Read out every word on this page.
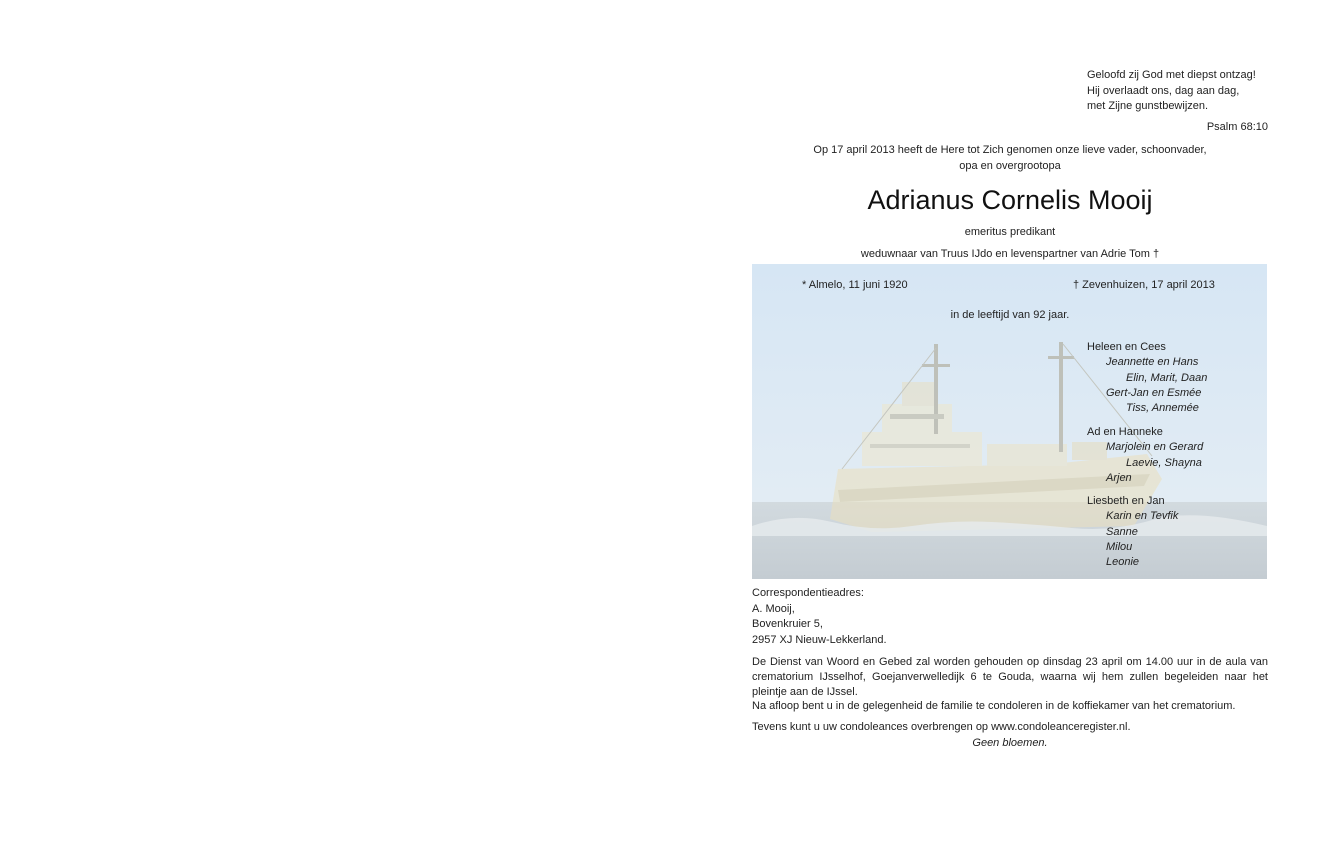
Geloofd zij God met diepst ontzag!
Hij overlaadt ons, dag aan dag,
met Zijne gunstbewijzen.
Psalm 68:10
Op 17 april 2013 heeft de Here tot Zich genomen onze lieve vader, schoonvader,
opa en overgrootopa
Adrianus Cornelis Mooij
emeritus predikant
weduwnaar van Truus IJdo en levenspartner van Adrie Tom †
* Almelo, 11 juni 1920	† Zevenhuizen, 17 april 2013
in de leeftijd van 92 jaar.
Heleen en Cees
Jeannette en Hans
Elin, Marit, Daan
Gert-Jan en Esmée
Tiss, Annemée
Ad en Hanneke
Marjolein en Gerard
Laevie, Shayna
Arjen
Liesbeth en Jan
Karin en Tevfik
Sanne
Milou
Leonie
Correspondentieadres:
A. Mooij,
Bovenkruier 5,
2957 XJ Nieuw-Lekkerland.

De Dienst van Woord en Gebed zal worden gehouden op dinsdag 23 april om 14.00 uur in de aula van crematorium IJsselhof, Goejanverwelledijk 6 te Gouda, waarna wij hem zullen begeleiden naar het pleintje aan de IJssel.

Na afloop bent u in de gelegenheid de familie te condoleren in de koffiekamer van het crematorium.

Tevens kunt u uw condoleances overbrengen op www.condoleanceregister.nl.
Geen bloemen.
